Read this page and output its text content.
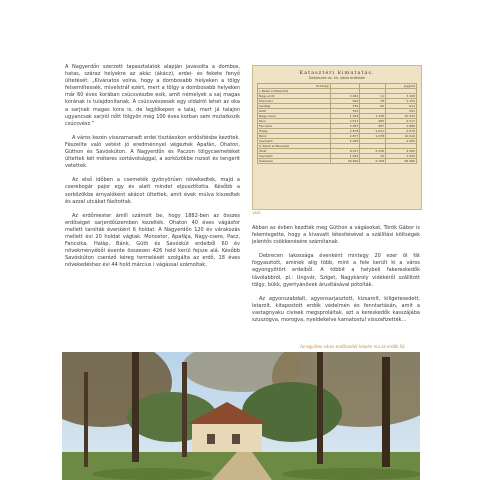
A Nagyerdőn szerzett tapasztalatok alapján javasolta a dombos, hatas, száraz helyekre az akác (ákácz), erdei- és fekete fenyő ültetését. „Kívánatos volna, hogy a dombosabb helyeken a tölgy felsemlítessék, mivelstráf ezért, mert a tölgy a dombosabb helyeken már 60 éves korában csúcsvészbe esik, amit némelyek a saj magas korának is tulajdonítanak. A csúcsvészesek egy oldalról lehet az oka a sarjnak magas kora is, de legjlőkepen a talaj, mert já talajon ugyancsak sarjról nőtt tölgyön még 100 éves korban sem mutatkozik csúcsvész.”

A város kezén visszamaradt erdei tisztásokon erdősítésbe kezdtek. Fészeilte való vetést jó eredménnyel végeztek Apafán, Ohaton, Güthon és Savóskúton. A Nagyerdőn és Paczon tölgycsemetéket ültettek két méteres sortávolsággal, a sorközökbe rozsot és tengerit vetettek.

Az első időben a csemeték gyönyörűen növekedtek, majd a cserebogár pajor egy év alatt mindet elpusztította. Később a sorközökbe árnyalóként akácot ültettek, amit évek múlva kiszedtek és azzal utcákat fásítottak.

Az erdőmester ámlíl számolt be, hogy 1882-ben az összes erdőséget sarjerdőüzemben kezelték. Ohaton 40 éves vágásfor mellett tarolták évenként 6 holdat. A Nagyerdőn 120 év várakozás mellett évi 20 holdat vágtak. Monostor, Apafája, Nagy-csere, Pacz, Fancsika, Haláp, Bánk, Güth és Savóskút erdeiből 60 év növekményéből évente összesen 426 hold kerül fejsze alá. Később Savóskúton cseréző kéreg termelését szolgálta az erdő, 18 éves növekedéshez évi 44 hold március i vágással számoltak.

Katasztéri kimutatás.
Debreczen sz. kir. város erdeinek
Erdőség			Jegyzet
I. Belső erdőkerület			
Nagy-erdő	3.061	11	3.108
Monostor	695	78	1.155
Apafája	536	60	611
Güth	591		591
Nagy-csere	1.364	1.338	10.323
Pacz	2.517	485	2.517
Fancsika	2.587	987	1.886
Haláp	2.678	1.031	2.678
Bánk	2.877	1.078	10.540
Savóskút	2.065		2.065
II. Külső erdőkerület			
Ohat	8.337	2.538	4.585
Savóskút	1.094	16	1.094
Összesen	26.990	9.708	69.486
1882

Abban az évben kezdték meg Güthon a vágásokat, Török Gábor is felemlegette, hogy a kivavatt létesítésével a szállítási költségek jelentős csökkenésére számítanak.

Debrecen lakossága évenként mintegy 20 ezer öl fát fogyasztott, aminek alig több, mint a fele került ki a város agyongyötört erdeiből. A többit a helybeli fakereskedők távolabbról, pl.: Ungvár, Sziget, Nagykároly vidékéről szállított tölgy, bükk, gyertyánövek árusításával pótolták.

Az agyonszabdalt, agyonsarjasztott, kizsarolt, kiligetesedett, letarolt, kitapostott erdők védelmén és fenntartásán, amit a vastagnyaku civisek megsproláltak, azt a kereskedők kasszájába szuszogva, morogva, nyeldekelve kamatostul visszafizették...

Az együtes város erdőtanítói helyén ma az erdők fái
